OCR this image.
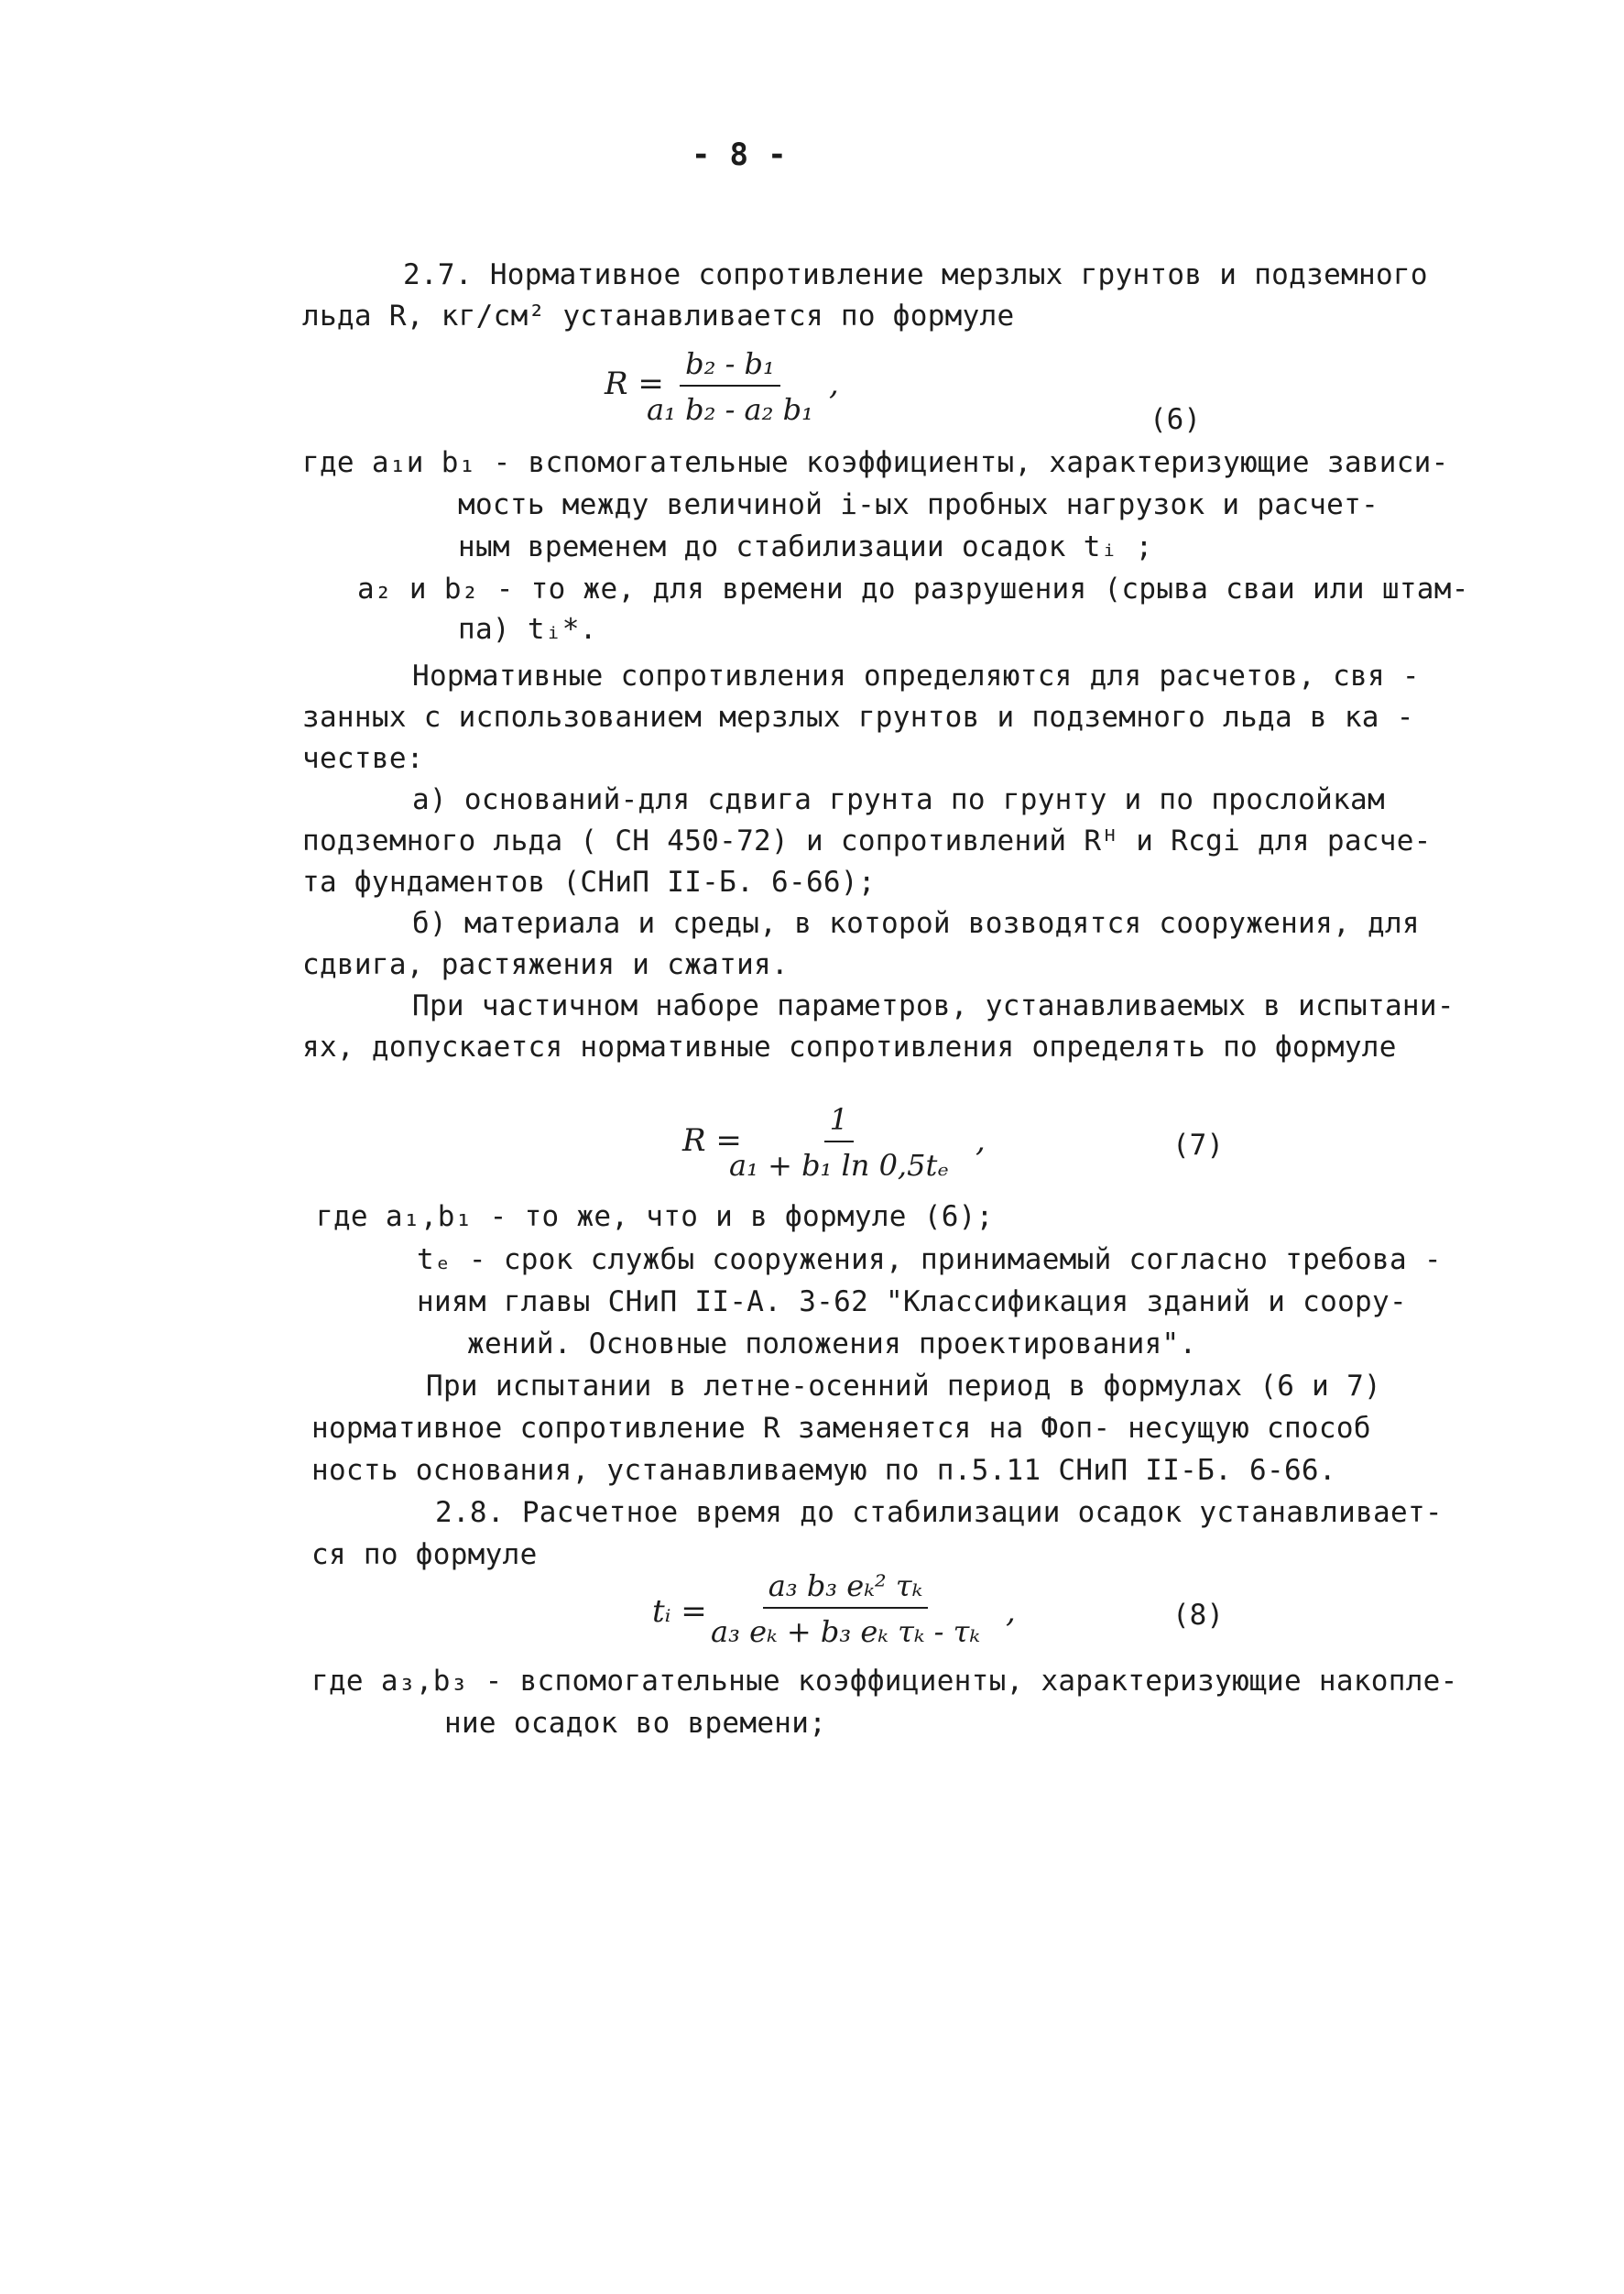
- 8 -
2.7. Нормативное сопротивление мерзлых грунтов и подземного
льда R, кг/см² устанавливается по формуле
R =
$\frac{\text{b₂ - b₁}}{\text{a₁ b₂ - a₂ b₁}}$ ,
(6)
где a₁и b₁ - вспомогательные коэффициенты, характеризующие зависи-
мость между величиной i-ых пробных нагрузок и расчет-
ным временем до стабилизации осадок tᵢ ;
a₂ и b₂ - то же, для времени до разрушения (срыва сваи или штам-
па) tᵢ*.
Нормативные сопротивления определяются для расчетов, свя -
занных с использованием мерзлых грунтов и подземного льда в ка -
честве:
а) оснований-для сдвига грунта по грунту и по прослойкам
подземного льда ( СН 450-72) и сопротивлений Rᴴ и Rcgi для расче-
та фундаментов (СНиП II-Б. 6-66);
б) материала и среды, в которой возводятся сооружения, для
сдвига, растяжения и сжатия.
При частичном наборе параметров, устанавливаемых в испытани-
ях, допускается нормативные сопротивления определять по формуле
R =
$\frac{1}{\text{a₁ + b₁ ln 0,5tₑ}}$ ,	(7)
где a₁,b₁ - то же, что и в формуле (6);
tₑ - срок службы сооружения, принимаемый согласно требова -
ниям главы СНиП II-А. 3-62 "Классификация зданий и соору-
жений. Основные положения проектирования".
При испытании в летне-осенний период в формулах (6 и 7)
нормативное сопротивление R заменяется на Фоп- несущую способ
ность основания, устанавливаемую по п.5.11 СНиП II-Б. 6-66.
2.8. Расчетное время до стабилизации осадок устанавливает-
ся по формуле
tᵢ =
$\frac{\text{a₃ b₃ eₖ² τₖ}}{\text{a₃ eₖ + b₃ eₖ τₖ - τₖ}}$ ,	(8)
где a₃,b₃ - вспомогательные коэффициенты, характеризующие накопле-
ние осадок во времени;
